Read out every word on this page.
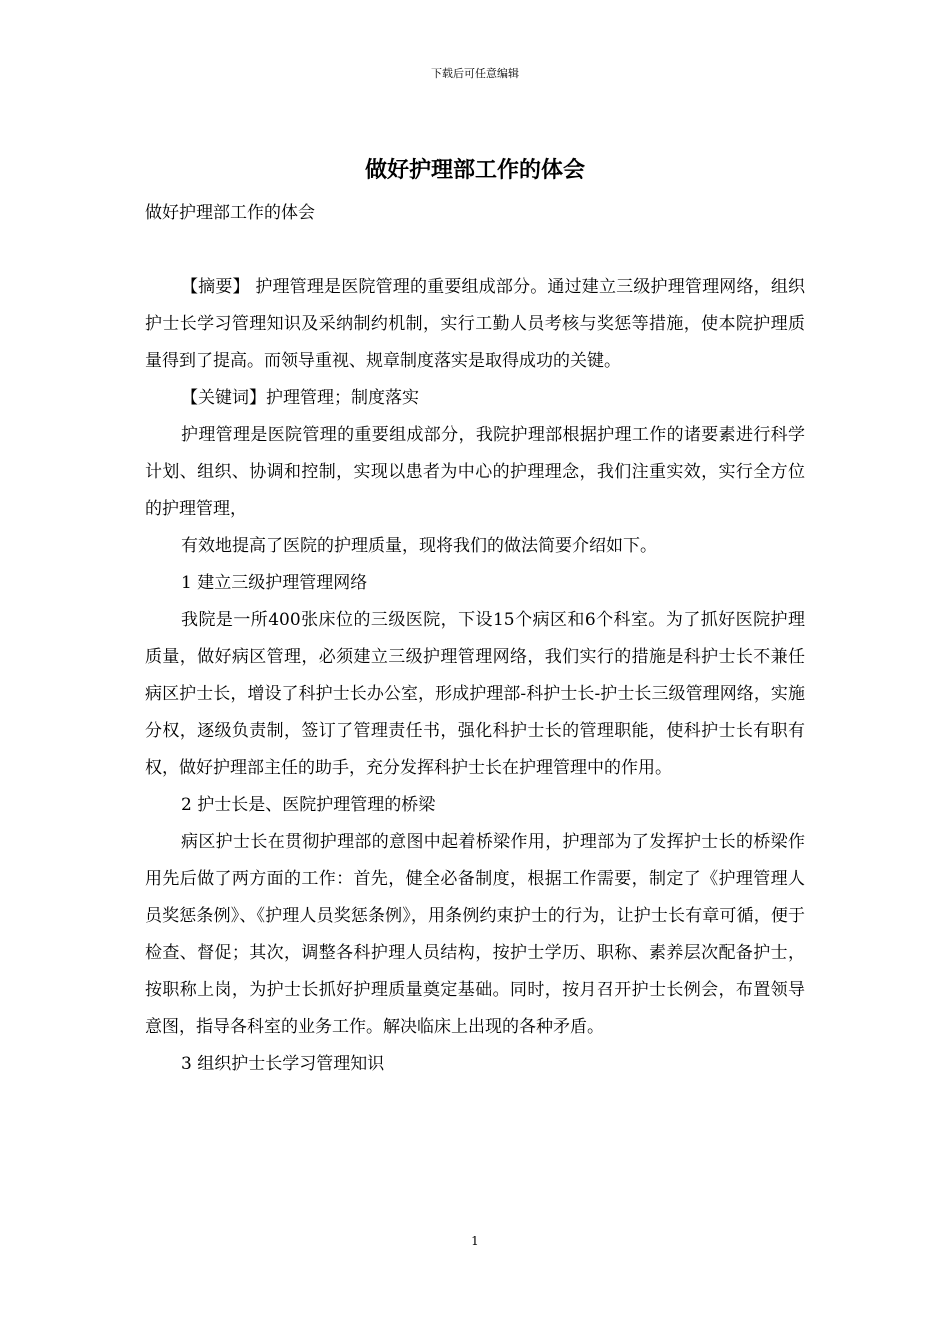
下载后可任意编辑
做好护理部工作的体会

做好护理部工作的体会

【摘要】 护理管理是医院管理的重要组成部分。通过建立三级护理管理网络，组织护士长学习管理知识及采纳制约机制，实行工勤人员考核与奖惩等措施，使本院护理质量得到了提高。而领导重视、规章制度落实是取得成功的关键。

【关键词】护理管理；制度落实

护理管理是医院管理的重要组成部分，我院护理部根据护理工作的诸要素进行科学计划、组织、协调和控制，实现以患者为中心的护理理念，我们注重实效，实行全方位的护理管理，

有效地提高了医院的护理质量，现将我们的做法简要介绍如下。

1 建立三级护理管理网络

我院是一所400张床位的三级医院，下设15个病区和6个科室。为了抓好医院护理质量，做好病区管理，必须建立三级护理管理网络，我们实行的措施是科护士长不兼任病区护士长，增设了科护士长办公室，形成护理部-科护士长-护士长三级管理网络，实施分权，逐级负责制，签订了管理责任书，强化科护士长的管理职能，使科护士长有职有权，做好护理部主任的助手，充分发挥科护士长在护理管理中的作用。

2 护士长是、医院护理管理的桥梁

病区护士长在贯彻护理部的意图中起着桥梁作用，护理部为了发挥护士长的桥梁作用先后做了两方面的工作：首先，健全必备制度，根据工作需要，制定了《护理管理人员奖惩条例》、《护理人员奖惩条例》，用条例约束护士的行为，让护士长有章可循，便于检查、督促；其次，调整各科护理人员结构，按护士学历、职称、素养层次配备护士，按职称上岗，为护士长抓好护理质量奠定基础。同时，按月召开护士长例会，布置领导意图，指导各科室的业务工作。解决临床上出现的各种矛盾。

3 组织护士长学习管理知识

1
